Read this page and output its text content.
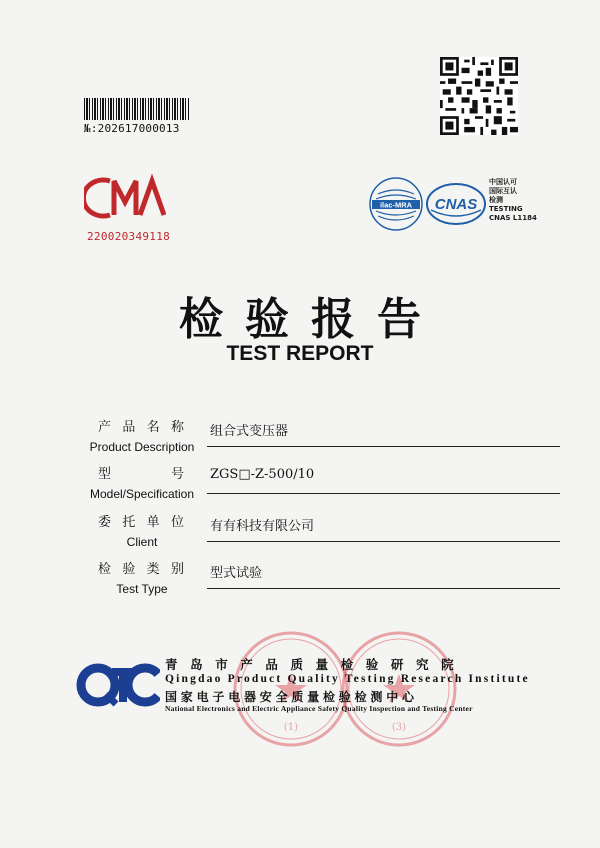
№:202617000013
220020349118
ilac-MRA CNAS
中国认可
国际互认
检测
TESTING
CNAS L1184
检验报告
TEST REPORT
产 品 名 称
Product Description
组合式变压器
型	号
Model/Specification
ZGS□-Z-500/10
委 托 单 位
Client
有有科技有限公司
检 验 类 别
Test Type
型式试验
(1)	(3)
青岛市产品质量检验研究院
Qingdao Product Quality Testing Research Institute
国家电子电器安全质量检验检测中心
National Electronics and Electric Appliance Safety Quality Inspection and Testing Center
